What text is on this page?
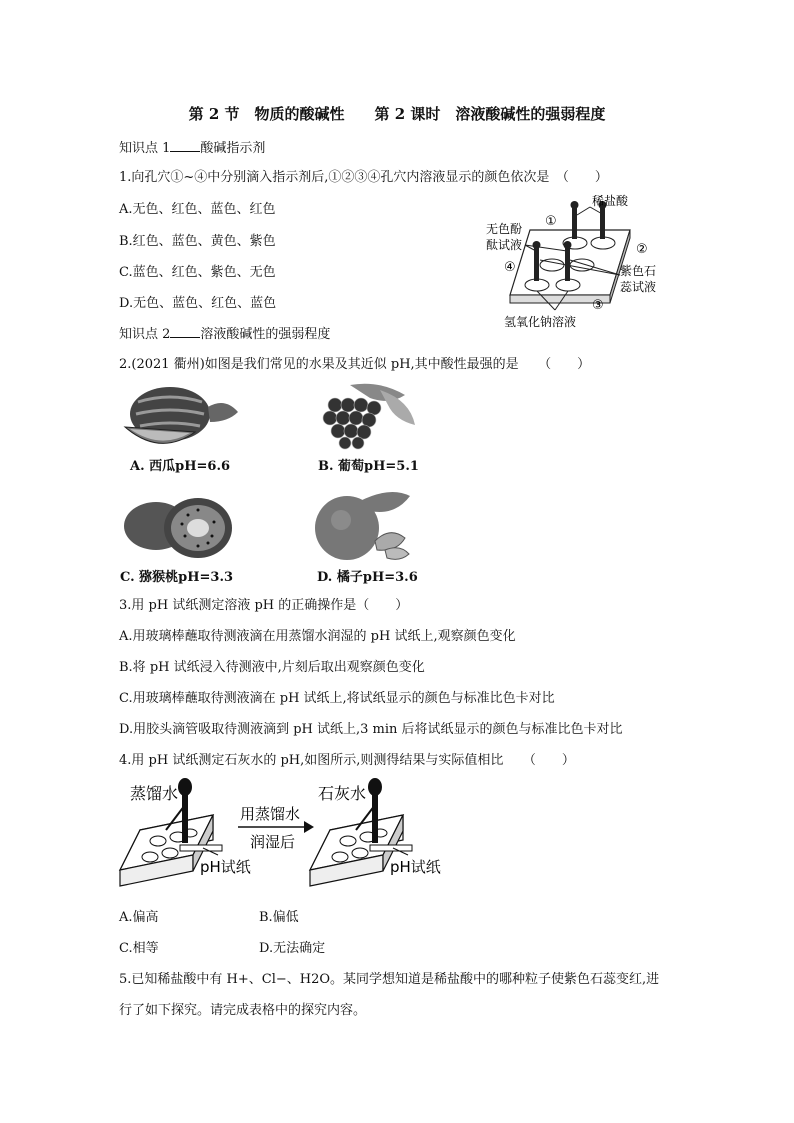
第 2 节　物质的酸碱性　　第 2 课时　溶液酸碱性的强弱程度
知识点 1 酸碱指示剂
1.向孔穴①~④中分别滴入指示剂后,①②③④孔穴内溶液显示的颜色依次是　（　　）
A.无色、红色、蓝色、红色
B.红色、蓝色、黄色、紫色
C.蓝色、红色、紫色、无色
D.无色、蓝色、红色、蓝色
稀盐酸
无色酚
酞试液
紫色石
蕊试液
氢氧化钠溶液
①
②
③
④
知识点 2 溶液酸碱性的强弱程度
2.(2021 衢州)如图是我们常见的水果及其近似 pH,其中酸性最强的是　　（　　）
A. 西瓜pH=6.6	B. 葡萄pH=5.1
C. 猕猴桃pH=3.3	D. 橘子pH=3.6
3.用 pH 试纸测定溶液 pH 的正确操作是（　　）
A.用玻璃棒蘸取待测液滴在用蒸馏水润湿的 pH 试纸上,观察颜色变化
B.将 pH 试纸浸入待测液中,片刻后取出观察颜色变化
C.用玻璃棒蘸取待测液滴在 pH 试纸上,将试纸显示的颜色与标准比色卡对比
D.用胶头滴管吸取待测液滴到 pH 试纸上,3 min 后将试纸显示的颜色与标准比色卡对比
4.用 pH 试纸测定石灰水的 pH,如图所示,则测得结果与实际值相比　　（　　）
蒸馏水
pH试纸
用蒸馏水
润湿后
石灰水
pH试纸
A.偏高	B.偏低
C.相等	D.无法确定
5.已知稀盐酸中有 H+、Cl−、H2O。某同学想知道是稀盐酸中的哪种粒子使紫色石蕊变红,进
行了如下探究。请完成表格中的探究内容。
